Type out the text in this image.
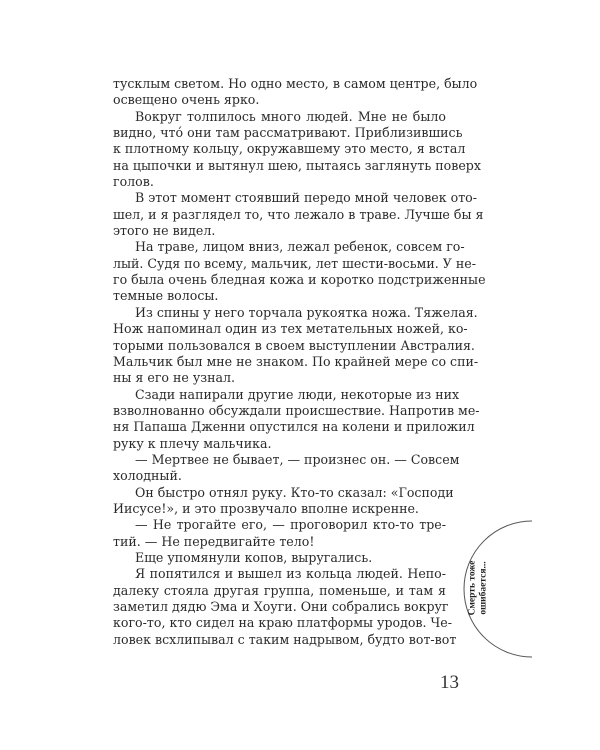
тусклым светом. Но одно место, в самом центре, было
освещено очень ярко.
Вокруг толпилось много людей. Мне не было
видно, что́ они там рассматривают. Приблизившись
к плотному кольцу, окружавшему это место, я встал
на цыпочки и вытянул шею, пытаясь заглянуть поверх
голов.
В этот момент стоявший передо мной человек ото-
шел, и я разглядел то, что лежало в траве. Лучше бы я
этого не видел.
На траве, лицом вниз, лежал ребенок, совсем го-
лый. Судя по всему, мальчик, лет шести-восьми. У не-
го была очень бледная кожа и коротко подстриженные
темные волосы.
Из спины у него торчала рукоятка ножа. Тяжелая.
Нож напоминал один из тех метательных ножей, ко-
торыми пользовался в своем выступлении Австралия.
Мальчик был мне не знаком. По крайней мере со спи-
ны я его не узнал.
Сзади напирали другие люди, некоторые из них
взволнованно обсуждали происшествие. Напротив ме-
ня Папаша Дженни опустился на колени и приложил
руку к плечу мальчика.
— Мертвее не бывает, — произнес он. — Совсем
холодный.
Он быстро отнял руку. Кто-то сказал: «Господи
Иисусе!», и это прозвучало вполне искренне.
— Не трогайте его, — проговорил кто-то тре-
тий. — Не передвигайте тело!
Еще упомянули копов, выругались.
Я попятился и вышел из кольца людей. Непо-
далеку стояла другая группа, поменьше, и там я
заметил дядю Эма и Хоуги. Они собрались вокруг
кого-то, кто сидел на краю платформы уродов. Че-
ловек всхлипывал с таким надрывом, будто вот-вот
Смерть тоже ошибается...
13
